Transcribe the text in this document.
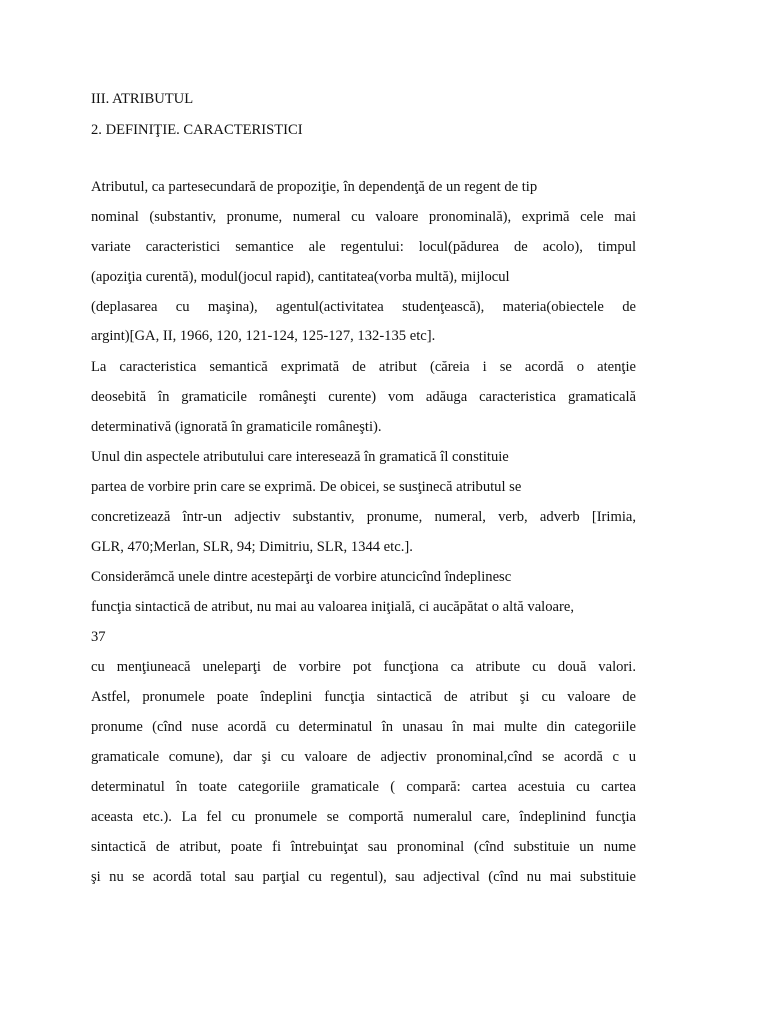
III. ATRIBUTUL
2. DEFINIŢIE. CARACTERISTICI
Atributul, ca partesecundară de propoziţie, în dependenţă de un regent de tip
nominal (substantiv, pronume, numeral cu valoare pronominală), exprimă cele mai
variate caracteristici semantice ale regentului: locul(pădurea de acolo), timpul
(apoziţia curentă), modul(jocul rapid), cantitatea(vorba multă), mijlocul
(deplasarea cu maşina), agentul(activitatea studenţească), materia(obiectele de
argint)[GA, II, 1966, 120, 121-124, 125-127, 132-135 etc].
La caracteristica semantică exprimată de atribut (căreia i se acordă o atenţie
deosebită în gramaticile româneşti curente) vom adăuga caracteristica gramaticală
determinativă (ignorată în gramaticile româneşti).
Unul din aspectele atributului care interesează în gramatică îl constituie
partea de vorbire prin care se exprimă. De obicei, se susţinecă atributul se
concretizează într-un adjectiv substantiv, pronume, numeral, verb, adverb [Irimia,
GLR, 470;Merlan, SLR, 94; Dimitriu, SLR, 1344 etc.].
Considerămcă unele dintre acestepărţi de vorbire atuncicînd îndeplinesc
funcţia sintactică de atribut, nu mai au valoarea iniţială, ci aucăpătat o altă valoare,
37
cu menţiuneacă uneleparţi de vorbire pot funcţiona ca atribute cu două valori.
Astfel, pronumele poate îndeplini funcţia sintactică de atribut şi cu valoare de
pronume (cînd nuse acordă cu determinatul în unasau în mai multe din categoriile
gramaticale comune), dar şi cu valoare de adjectiv pronominal,cînd se acordă c u
determinatul în toate categoriile gramaticale ( compară: cartea acestuia cu cartea
aceasta etc.). La fel cu pronumele se comportă numeralul care, îndeplinind funcţia
sintactică de atribut, poate fi întrebuinţat sau pronominal (cînd substituie un nume
şi nu se acordă total sau parţial cu regentul), sau adjectival (cînd nu mai substituie
